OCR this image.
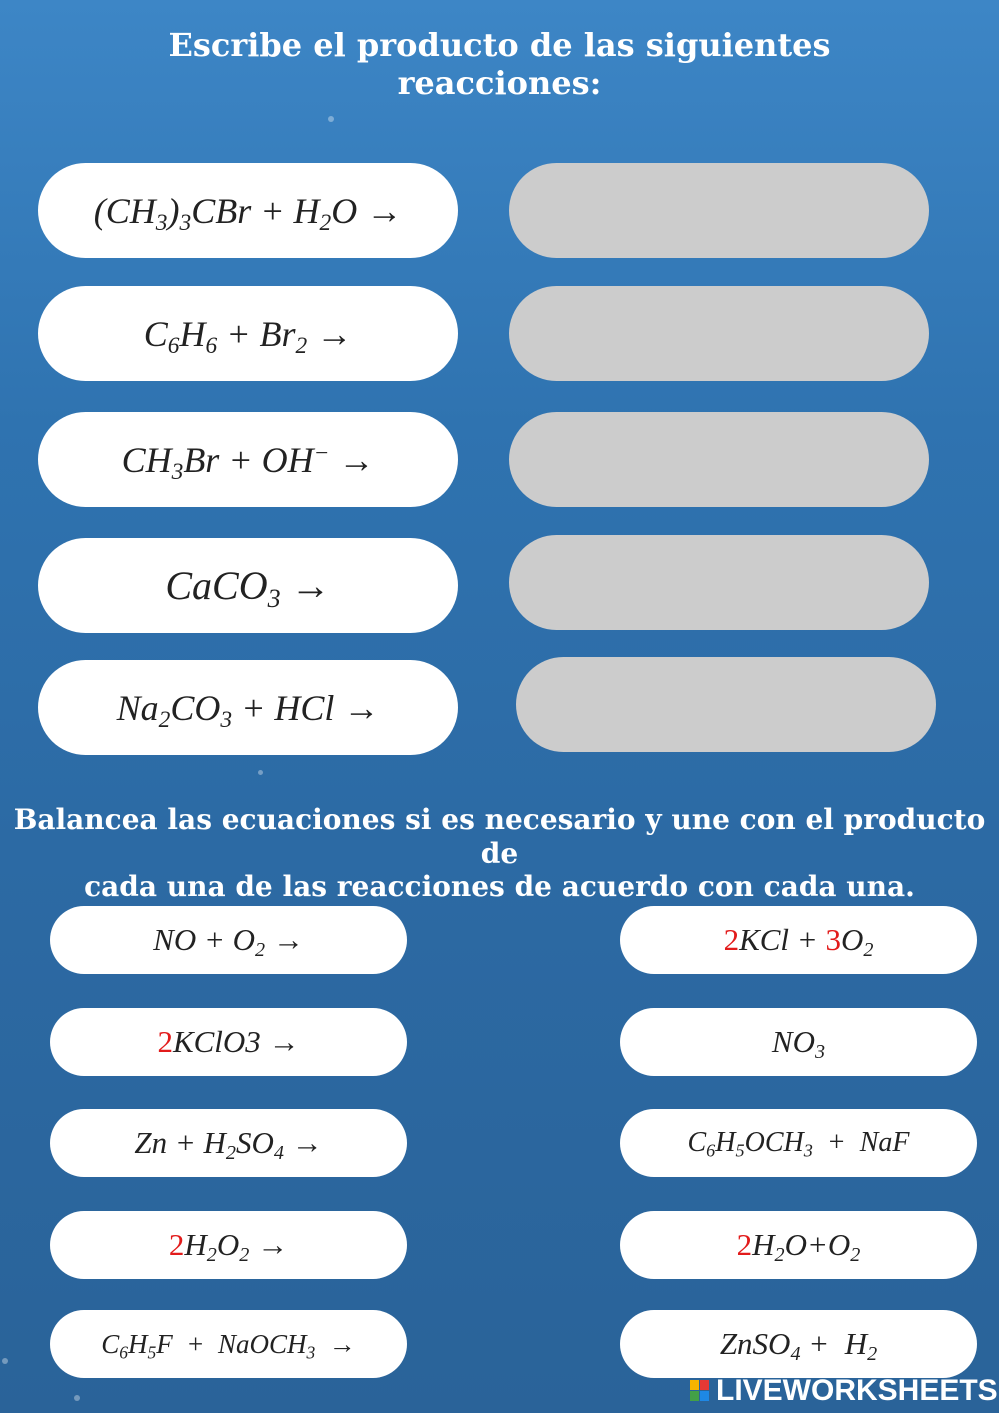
Escribe el producto de las siguientes
reacciones:
$(CH_3)_3CBr + H_2O$ →
$C_6H_6 + Br_2$ →
$CH_3Br + OH^-$ →
CaCO$_3$ →
$Na_2CO_3$ + HCl →
Balancea las ecuaciones si es necesario y une con el producto de
cada una de las reacciones de acuerdo con cada una.
NO + $O_2$ →
2KClO3 →
$Zn + H_2SO_4$ →
$2H_2O_2$ →
$C_6H_5F$  +  NaOCH$_3$  →
$2KCl + 3O_2$
$NO_3$
$C_6H_5OCH_3$  +  NaF
$2H_2O+O_2$
ZnSO$_4$ +  $H_2$
LIVEWORKSHEETS
